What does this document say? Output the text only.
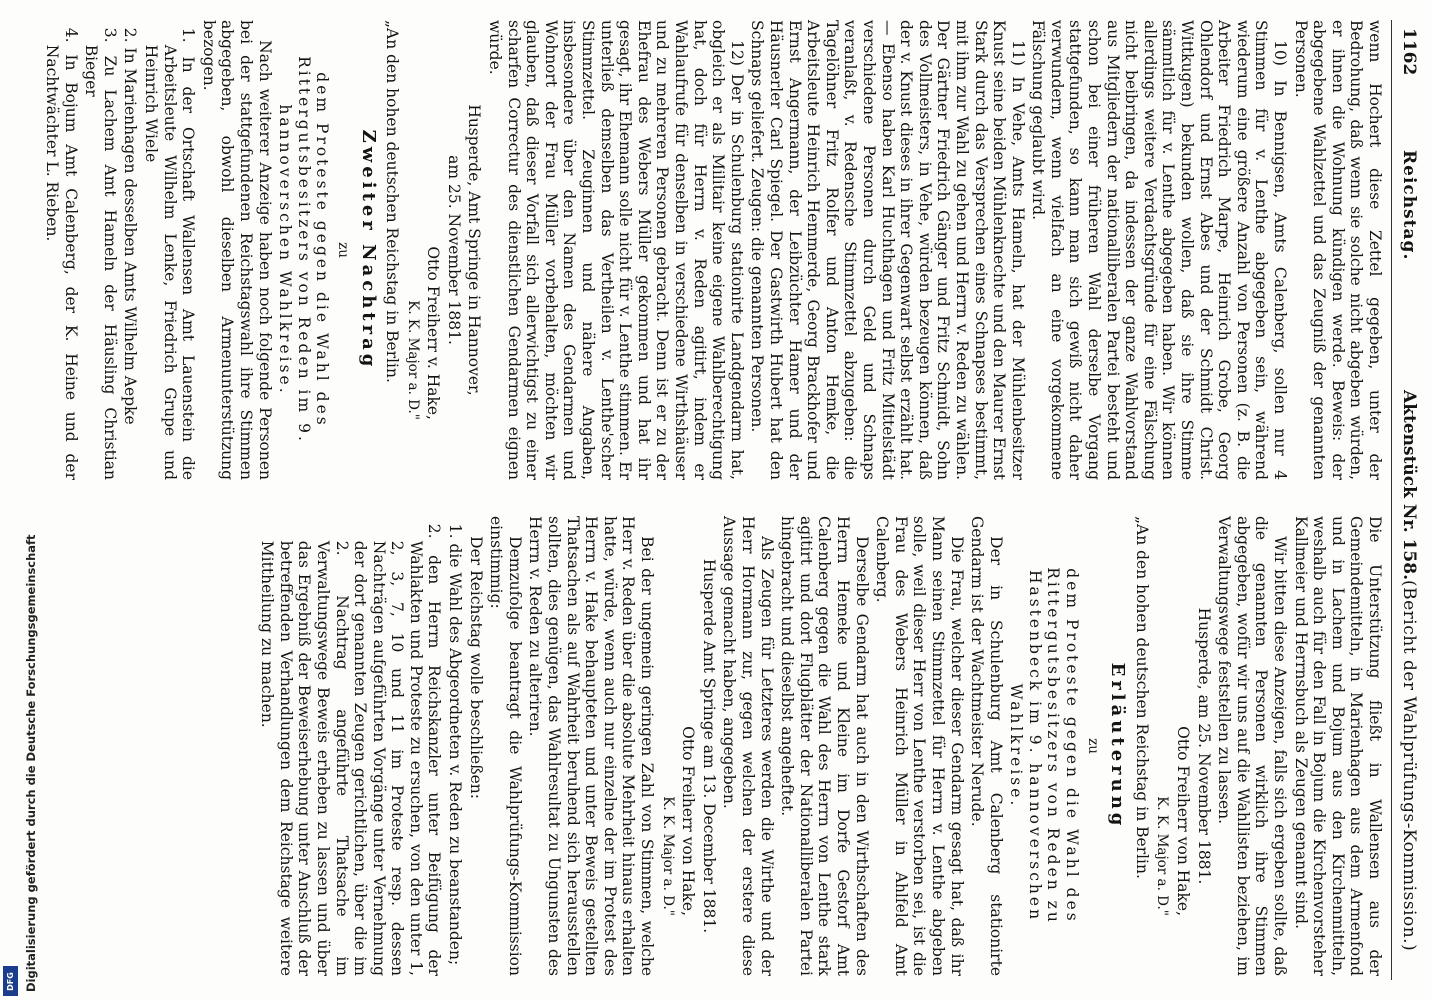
1162
Reichstag.
Aktenstück Nr. 158.
(Bericht der Wahlprüfungs-Kommission.)

wenn Hochert diese Zettel gegeben, unter der Bedrohung, daß wenn sie solche nicht abgeben würden, er ihnen die Wohnung kündigen werde. Beweis: der abgegebene Wahlzettel und das Zeugniß der genannten Personen.

10) In Bennigsen, Amts Calenberg, sollen nur 4 Stimmen für v. Lenthe abgegeben sein, während wiederum eine größere Anzahl von Personen (z. B. die Arbeiter Friedrich Marpe, Heinrich Grobe, Georg Ohlendorf und Ernst Abes und der Schmidt Christ. Wittkugen) bekunden wollen, daß sie ihre Stimme sämmtlich für v. Lenthe abgegeben haben. Wir können allerdings weitere Verdachtsgründe für eine Fälschung nicht beibringen, da indessen der ganze Wahlvorstand aus Mitgliedern der nationalliberalen Partei besteht und schon bei einer früheren Wahl derselbe Vorgang stattgefunden, so kann man sich gewiß nicht daher verwundern, wenn vielfach an eine vorgekommene Fälschung geglaubt wird.

11) In Vehe, Amts Hameln, hat der Mühlenbesitzer Knust seine beiden Mühlenknechte und den Maurer Ernst Stark durch das Versprechen eines Schnapses bestimmt, mit ihm zur Wahl zu gehen und Herrn v. Reden zu wählen. Der Gärtner Friedrich Gänger und Fritz Schmidt, Sohn des Vollmeisters, in Vehe, würden bezeugen können, daß der v. Knust dieses in ihrer Gegenwart selbst erzählt hat. — Ebenso haben Karl Huchthagen und Fritz Mittelstädt verschiedene Personen durch Geld und Schnaps veranlaßt, v. Redensche Stimmzettel abzugeben: die Tagelöhner Fritz Rolfer und Anton Hemke, die Arbeitsleute Heinrich Hemmerde, Georg Brackhofer und Ernst Angermann, der Leibzüchter Hamer und der Häusnerler Carl Spiegel. Der Gastwirth Hubert hat den Schnaps geliefert. Zeugen: die genannten Personen.

12) Der in Schulenburg stationirte Landgendarm hat, obgleich er als Militair keine eigene Wahlberechtigung hat, doch für Herrn v. Reden agitirt, indem er Wahlaufrufe für denselben in verschiedene Wirthshäuser und zu mehreren Personen gebracht. Denn ist er zu der Ehefrau des Webers Müller gekommen und hat ihr gesagt, ihr Ehemann solle nicht für v. Lenthe stimmen. Er unterließ demselben das Vertheilen v. Lenthe'scher Stimmzettel. Zeuginnen und nähere Angaben, insbesondere über den Namen des Gendarmen und Wohnort der Frau Müller vorbehalten, möchten wir glauben, daß dieser Vorfall sich allerwichtigst zu einer scharfen Correctur des dienstlichen Gendarmen eignen würde.

Husperde, Amt Springe in Hannover,

am 25. November 1881.

Otto Freiherr v. Hake,

K. K. Major a. D."

„An den hohen deutschen Reichstag in Berlin.

Zweiter Nachtrag

zu

dem Proteste gegen die Wahl des Rittergutsbesitzers von Reden im 9. hannoverschen Wahlkreise.

Nach weiterer Anzeige haben noch folgende Personen bei der stattgefundenen Reichstagswahl ihre Stimmen abgegeben, obwohl dieselben Armenunterstützung bezogen.

1. In der Ortschaft Wallensen Amt Lauenstein die Arbeitsleute Wilhelm Lenke, Friedrich Grupe und Heinrich Wiele

2. In Marienhagen desselben Amts Wilhelm Aepke

3. Zu Lachem Amt Hameln der Häusling Christian Bieger

4. In Bojum Amt Calenberg, der K. Heine und der Nachtwächter L. Rieben.

Die Unterstützung fließt in Wallensen aus der Gemeindemitteln, in Marienhagen aus dem Armenfond und in Lachem und Bojum aus den Kirchenmitteln, weshalb auch für den Fall in Bojum die Kirchenvorsteher Kallmeier und Herrnsbuch als Zeugen genannt sind.

Wir bitten diese Anzeigen, falls sich ergeben sollte, daß die genannten Personen wirklich ihre Stimmen abgegeben, wofür wir uns auf die Wahllisten beziehen, im Verwaltungswege feststellen zu lassen.

Husperde, am 25. November 1881.

Otto Freiherr von Hake,

K. K. Major a. D."

„An den hohen deutschen Reichstag in Berlin.

Erläuterung

zu

dem Proteste gegen die Wahl des Rittergutsbesitzers von Reden zu Hastenbeck im 9. hannoverschen Wahlkreise.

Der in Schulenburg Amt Calenberg stationirte Gendarm ist der Wachtmeister Nerude.

Die Frau, welcher dieser Gendarm gesagt hat, daß ihr Mann seinen Stimmzettel für Herrn v. Lenthe abgeben solle, weil dieser Herr von Lenthe verstorben sei, ist die Frau des Webers Heinrich Müller in Ahlfeld Amt Calenberg.

Derselbe Gendarm hat auch in den Wirthschaften des Herrn Hemeke und Kleine im Dorfe Gestorf Amt Calenberg gegen die Wahl des Herrn von Lenthe stark agitirt und dort Flugblätter der Nationalliberalen Partei hingebracht und dieselbst angeheftet.

Als Zeugen für Letzteres werden die Wirthe und der Herr Hormann zur, gegen welchen der erstere diese Aussage gemacht haben, angegeben.

Husperde Amt Springe am 13. December 1881.

Otto Freiherr von Hake,

K. K. Major a. D."

Bei der ungemein geringen Zahl von Stimmen, welche Herr v. Reden über die absolute Mehrheit hinaus erhalten hatte, würde, wenn auch nur einzelne der im Protest des Herrn v. Hake behaupteten und unter Beweis gestellten Thatsachen als auf Wahrheit beruhend sich herausstellen sollten, dies genügen, das Wahlresultat zu Ungunsten des Herrn v. Reden zu alteriren.

Demzufolge beantragt die Wahlprüfungs-Kommission einstimmig:

Der Reichstag wolle beschließen:

1. die Wahl des Abgeordneten v. Reden zu beanstanden;

2. den Herrn Reichskanzler unter Beifügung der Wahlakten und Proteste zu ersuchen, von den unter 1, 2, 3, 7, 10 und 11 im Proteste resp. dessen Nachträgen aufgeführten Vorgänge unter Vernehmung der dort genannten Zeugen gerichtlichen, über die im 2. Nachtrag angeführte Thatsache im Verwaltungswege Beweis erheben zu lassen und über das Ergebniß der Beweiserhebung unter Anschluß der betreffenden Verhandlungen dem Reichstage weitere Mittheilung zu machen.

Digitalisierung gefördert durch die Deutsche Forschungsgemeinschaft
DFG
